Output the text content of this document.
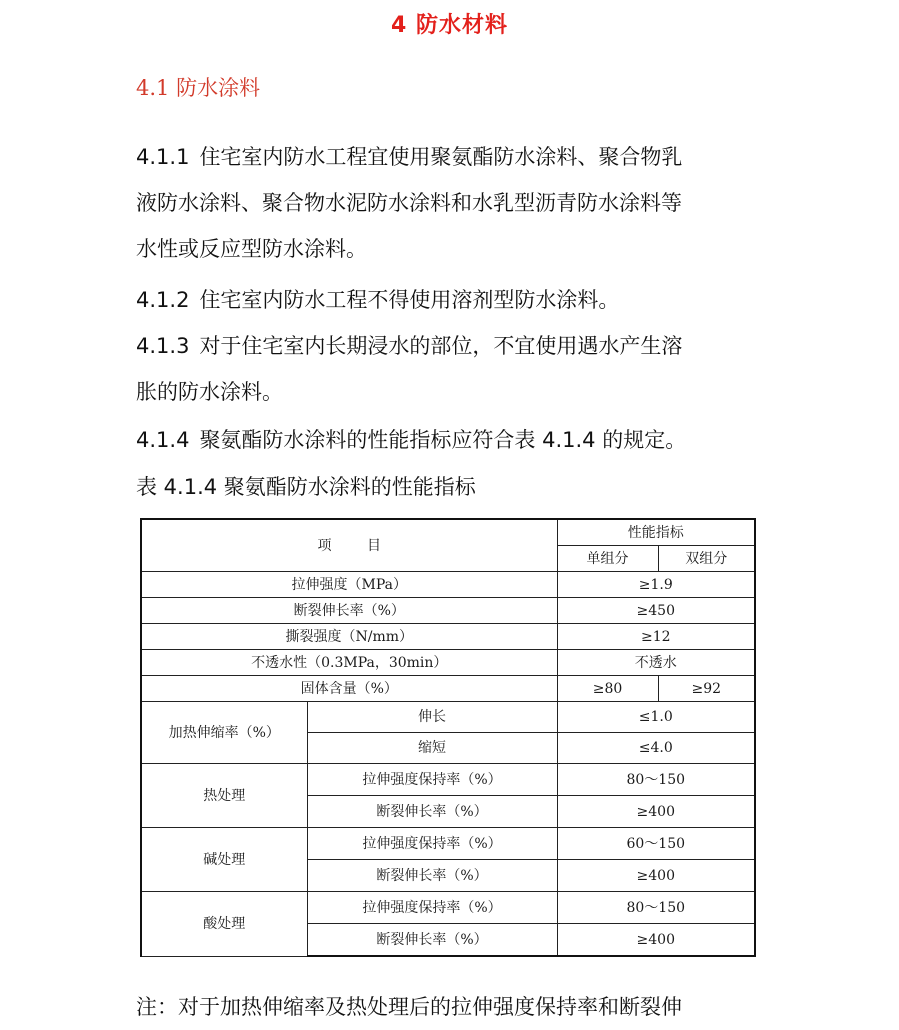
4 防水材料
4.1 防水涂料
4.1.1 住宅室内防水工程宜使用聚氨酯防水涂料、聚合物乳
液防水涂料、聚合物水泥防水涂料和水乳型沥青防水涂料等
水性或反应型防水涂料。
4.1.2 住宅室内防水工程不得使用溶剂型防水涂料。
4.1.3 对于住宅室内长期浸水的部位，不宜使用遇水产生溶
胀的防水涂料。
4.1.4 聚氨酯防水涂料的性能指标应符合表 4.1.4 的规定。
表 4.1.4 聚氨酯防水涂料的性能指标
项        目		性能指标	
		单组分	双组分
拉伸强度（MPa）		≥1.9	
断裂伸长率（%）		≥450	
撕裂强度（N/mm）		≥12	
不透水性（0.3MPa，30min）		不透水	
固体含量（%）		≥80	≥92
加热伸缩率（%）	伸长	≤1.0	
	缩短	≤4.0	
热处理	拉伸强度保持率（%）	80～150	
	断裂伸长率（%）	≥400	
碱处理	拉伸强度保持率（%）	60～150	
	断裂伸长率（%）	≥400	
酸处理	拉伸强度保持率（%）	80～150	
	断裂伸长率（%）	≥400	
注：对于加热伸缩率及热处理后的拉伸强度保持率和断裂伸
